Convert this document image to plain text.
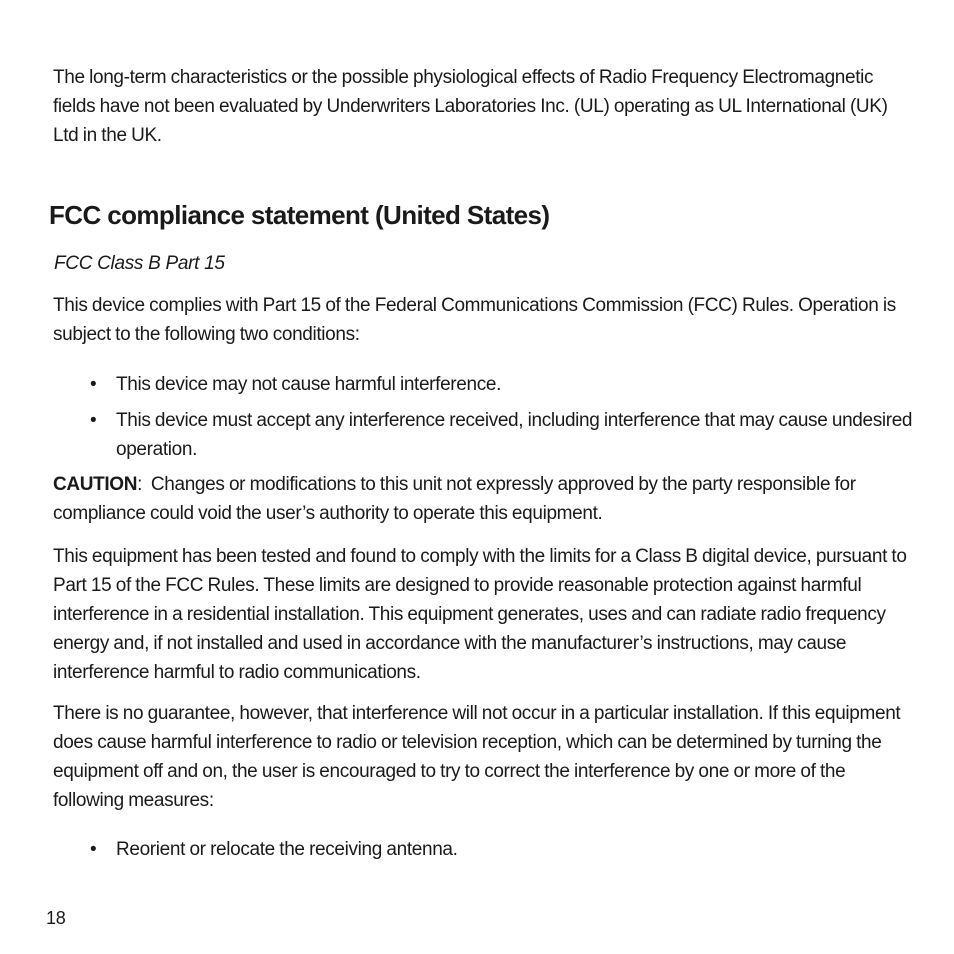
The long-term characteristics or the possible physiological effects of Radio Frequency Electromagnetic fields have not been evaluated by Underwriters Laboratories Inc. (UL) operating as UL International (UK) Ltd in the UK.

FCC compliance statement (United States)

FCC Class B Part 15

This device complies with Part 15 of the Federal Communications Commission (FCC) Rules. Operation is subject to the following two conditions:

• This device may not cause harmful interference.
• This device must accept any interference received, including interference that may cause undesired operation.

CAUTION: Changes or modifications to this unit not expressly approved by the party responsible for compliance could void the user’s authority to operate this equipment.

This equipment has been tested and found to comply with the limits for a Class B digital device, pursuant to Part 15 of the FCC Rules. These limits are designed to provide reasonable protection against harmful interference in a residential installation. This equipment generates, uses and can radiate radio frequency energy and, if not installed and used in accordance with the manufacturer’s instructions, may cause interference harmful to radio communications.

There is no guarantee, however, that interference will not occur in a particular installation. If this equipment does cause harmful interference to radio or television reception, which can be determined by turning the equipment off and on, the user is encouraged to try to correct the interference by one or more of the following measures:

• Reorient or relocate the receiving antenna.
18
